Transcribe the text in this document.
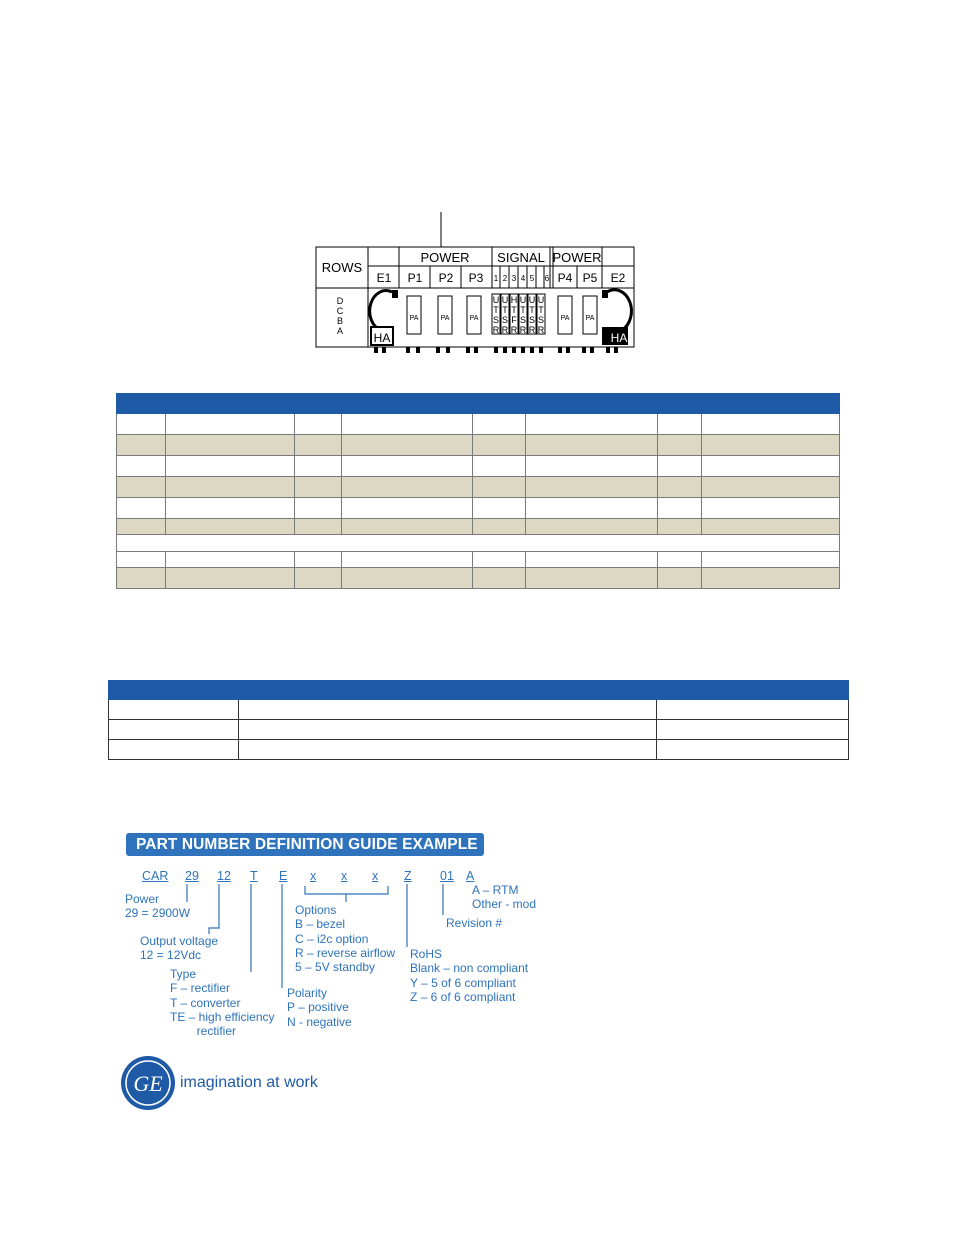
ROWS
POWER SIGNAL POWER
E1 P1 P2 P3	P4 P5 E2
1 2 3 4 5 6
D
C
B
A	HA	HA
PA	PA	PA	PA PA
U
T
S
R
U
T
S
R
H
T
F
R
U
T
S
R
U
T
S
R
U
T
S
R

PART NUMBER DEFINITION GUIDE EXAMPLE
CAR 29 12 T E x x x Z 01 A
Power
29 = 2900W
Output voltage
12 = 12Vdc
Type
F – rectifier
T – converter
TE – high efficiency
rectifier
Polarity
P – positive
N - negative
Options
B – bezel
C – i2c option
R – reverse airflow
5 – 5V standby
RoHS
Blank – non compliant
Y – 5 of 6 compliant
Z – 6 of 6 compliant
Revision #
A – RTM
Other - mod
GE imagination at work
